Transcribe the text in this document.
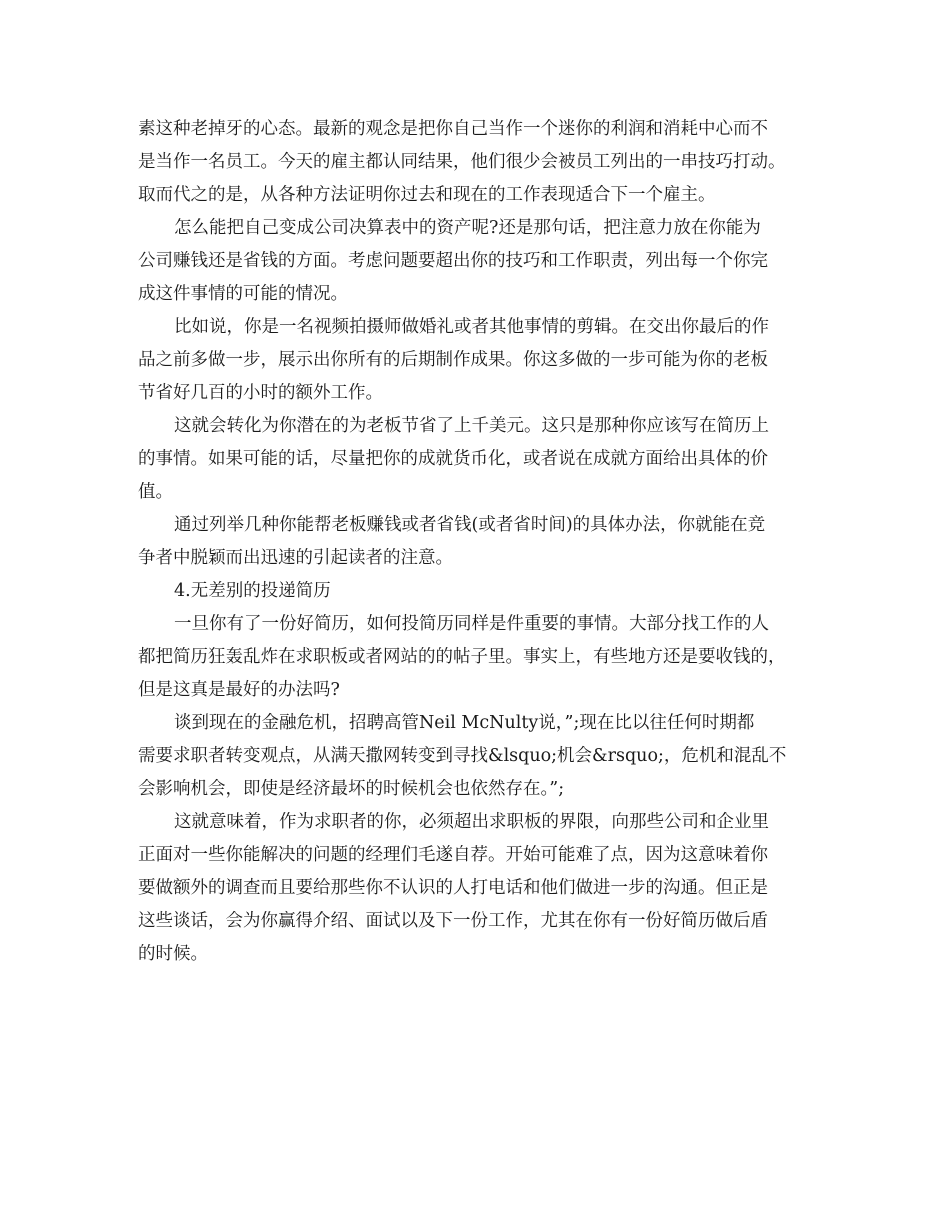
素这种老掉牙的心态。最新的观念是把你自己当作一个迷你的利润和消耗中心而不
是当作一名员工。今天的雇主都认同结果，他们很少会被员工列出的一串技巧打动。
取而代之的是，从各种方法证明你过去和现在的工作表现适合下一个雇主。
怎么能把自己变成公司决算表中的资产呢?还是那句话，把注意力放在你能为
公司赚钱还是省钱的方面。考虑问题要超出你的技巧和工作职责，列出每一个你完
成这件事情的可能的情况。
比如说，你是一名视频拍摄师做婚礼或者其他事情的剪辑。在交出你最后的作
品之前多做一步，展示出你所有的后期制作成果。你这多做的一步可能为你的老板
节省好几百的小时的额外工作。
这就会转化为你潜在的为老板节省了上千美元。这只是那种你应该写在简历上
的事情。如果可能的话，尽量把你的成就货币化，或者说在成就方面给出具体的价
值。
通过列举几种你能帮老板赚钱或者省钱(或者省时间)的具体办法，你就能在竞
争者中脱颖而出迅速的引起读者的注意。
4.无差别的投递简历
一旦你有了一份好简历，如何投简历同样是件重要的事情。大部分找工作的人
都把简历狂轰乱炸在求职板或者网站的的帖子里。事实上，有些地方还是要收钱的，
但是这真是最好的办法吗?
谈到现在的金融危机，招聘高管Neil McNulty说，”;现在比以往任何时期都
需要求职者转变观点，从满天撒网转变到寻找&lsquo;机会&rsquo;，危机和混乱不
会影响机会，即使是经济最坏的时候机会也依然存在。”;
这就意味着，作为求职者的你，必须超出求职板的界限，向那些公司和企业里
正面对一些你能解决的问题的经理们毛遂自荐。开始可能难了点，因为这意味着你
要做额外的调查而且要给那些你不认识的人打电话和他们做进一步的沟通。但正是
这些谈话，会为你赢得介绍、面试以及下一份工作，尤其在你有一份好简历做后盾
的时候。
